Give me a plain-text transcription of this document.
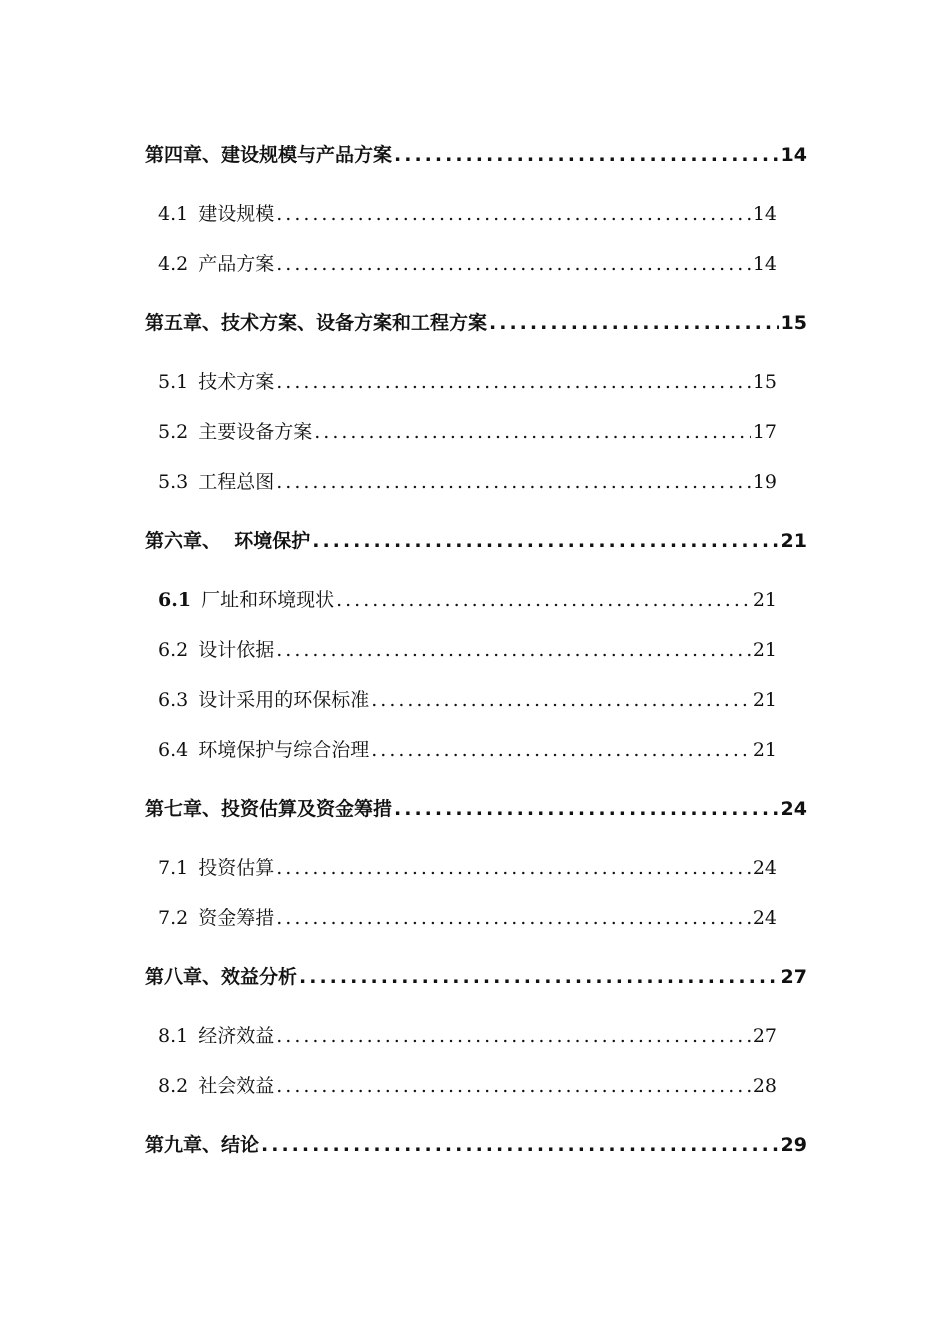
第四章、建设规模与产品方案 .....	14
4.1 建设规模 .....	14
4.2 产品方案 .....	14
第五章、技术方案、设备方案和工程方案 .....	15
5.1 技术方案 .....	15
5.2 主要设备方案 .....	17
5.3 工程总图 .....	19
第六章、  环境保护 .....	21
6.1 厂址和环境现状 .....	21
6.2 设计依据 .....	21
6.3 设计采用的环保标准 .....	21
6.4 环境保护与综合治理 .....	21
第七章、投资估算及资金筹措 .....	24
7.1 投资估算 .....	24
7.2 资金筹措 .....	24
第八章、效益分析 .....	27
8.1 经济效益 .....	27
8.2 社会效益 .....	28
第九章、结论 .....	29
